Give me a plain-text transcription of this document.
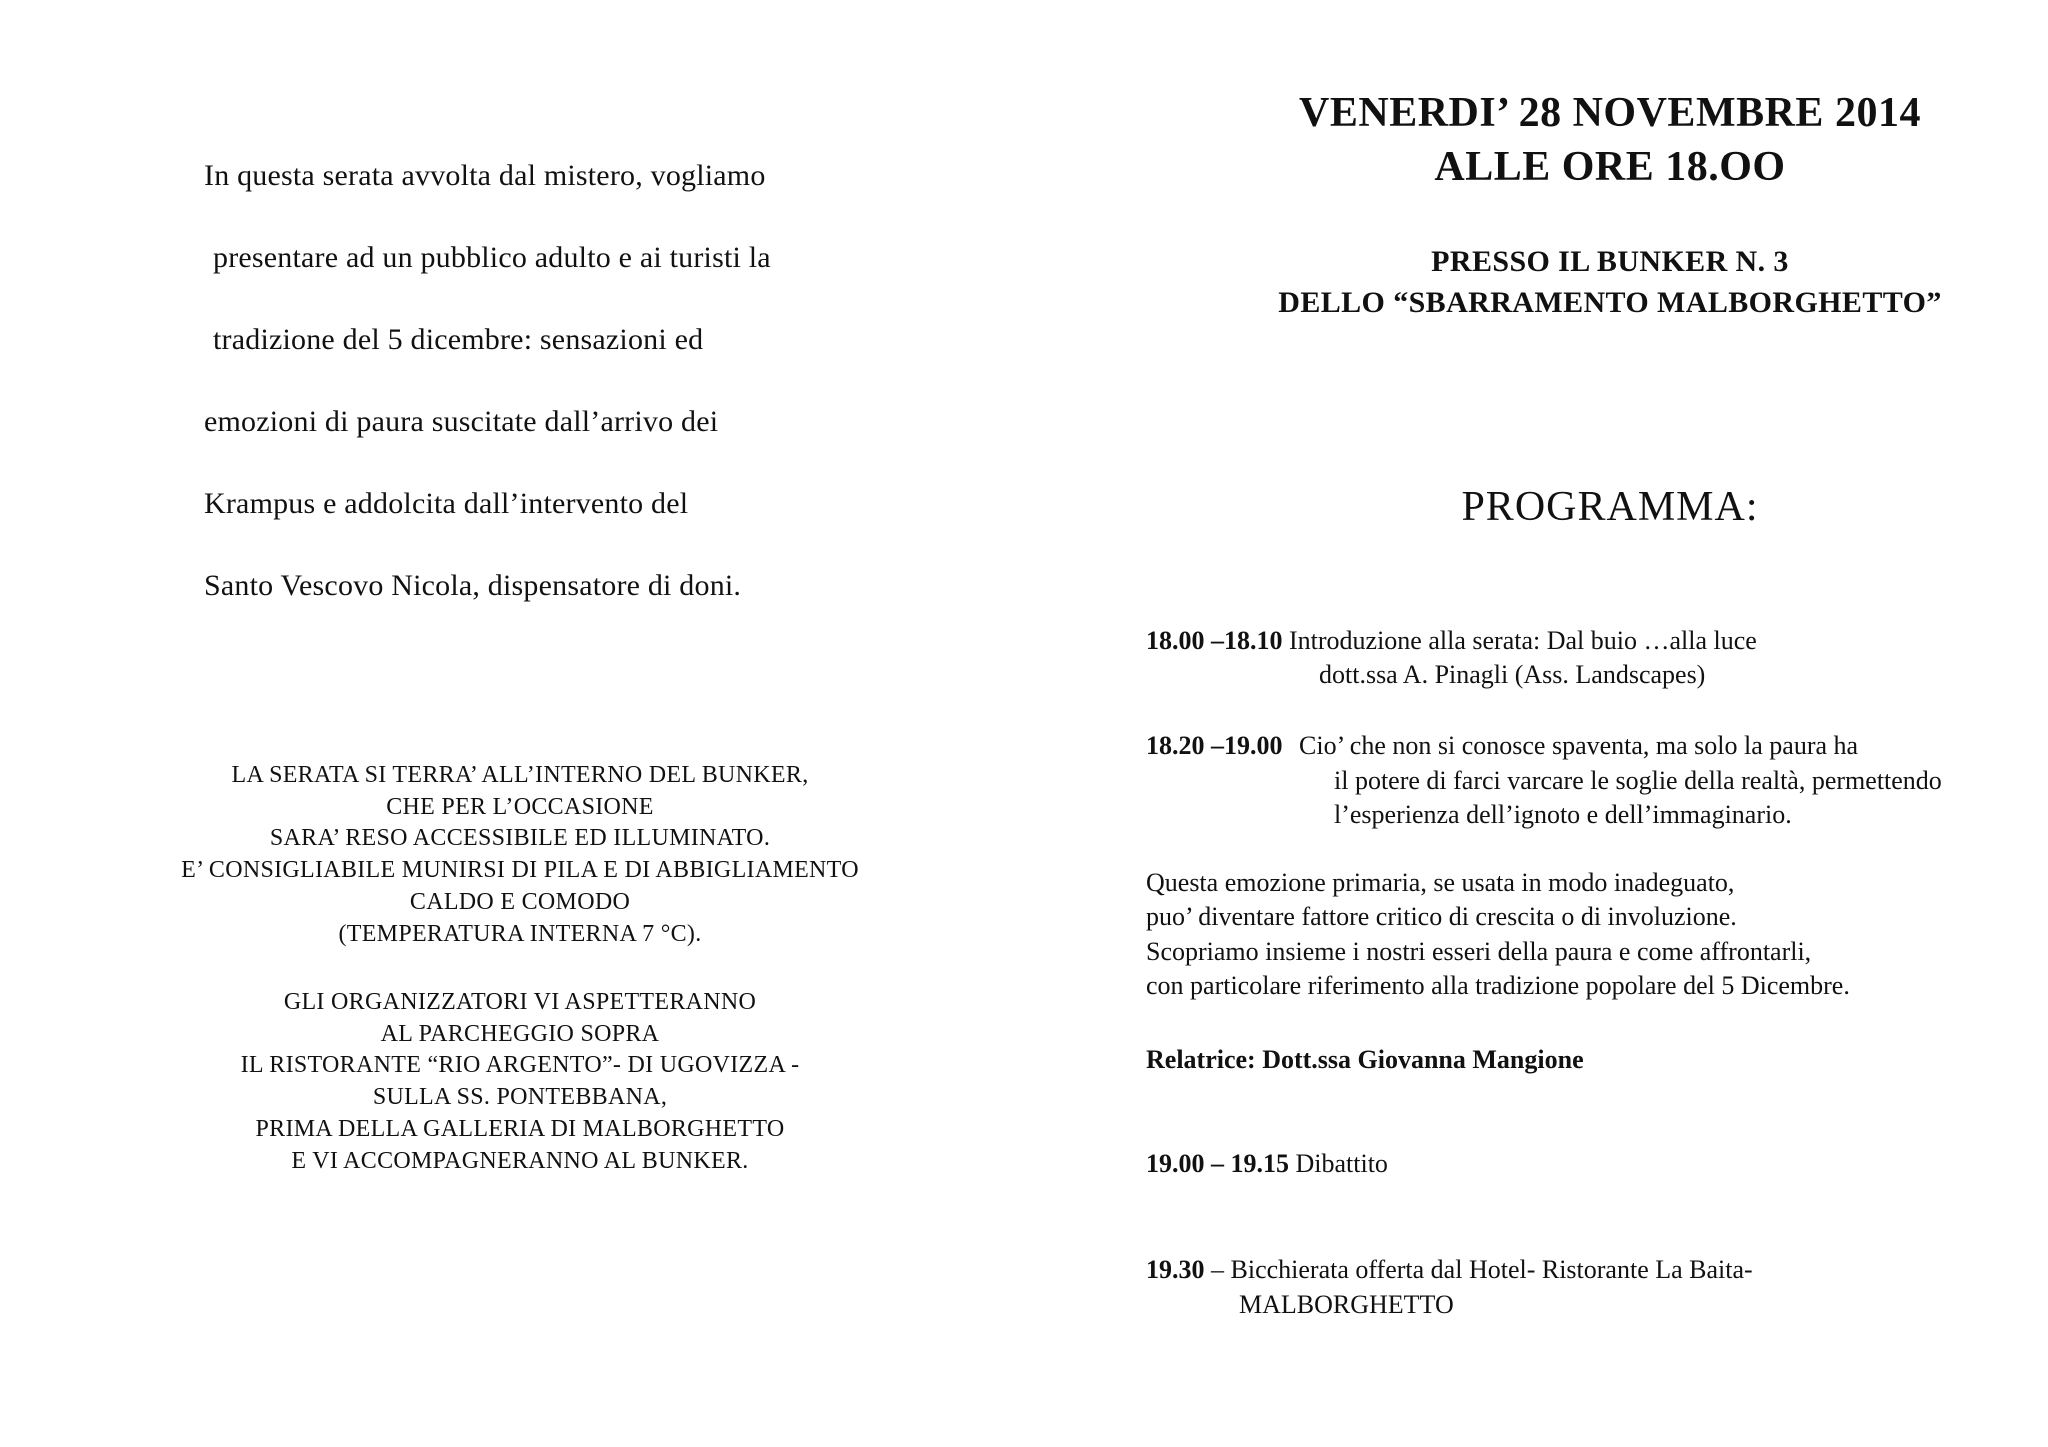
In questa serata avvolta dal mistero, vogliamo
presentare ad un pubblico adulto e ai turisti la
tradizione del 5 dicembre: sensazioni ed
emozioni di paura suscitate dall’arrivo dei
Krampus e addolcita dall’intervento del
Santo Vescovo Nicola, dispensatore di doni.
LA SERATA SI TERRA’ ALL’INTERNO DEL BUNKER,
CHE PER L’OCCASIONE
SARA’ RESO ACCESSIBILE ED ILLUMINATO.
E’ CONSIGLIABILE MUNIRSI DI PILA E DI ABBIGLIAMENTO
CALDO E COMODO
(TEMPERATURA INTERNA 7 °C).
GLI ORGANIZZATORI VI ASPETTERANNO
AL PARCHEGGIO SOPRA
IL RISTORANTE “RIO ARGENTO”- DI UGOVIZZA -
SULLA SS. PONTEBBANA,
PRIMA DELLA GALLERIA DI MALBORGHETTO
E VI ACCOMPAGNERANNO AL BUNKER.
VENERDI’ 28 NOVEMBRE 2014
ALLE ORE 18.OO
PRESSO IL BUNKER N. 3
DELLO “SBARRAMENTO MALBORGHETTO”
PROGRAMMA:
18.00 –18.10 Introduzione alla serata: Dal buio …alla luce
dott.ssa A. Pinagli (Ass. Landscapes)
18.20 –19.00 Cio’ che non si conosce spaventa, ma solo la paura ha
il potere di farci varcare le soglie della realtà, permettendo
l’esperienza dell’ignoto e dell’immaginario.
Questa emozione primaria, se usata in modo inadeguato,
puo’ diventare fattore critico di crescita o di involuzione.
Scopriamo insieme i nostri esseri della paura e come affrontarli,
con particolare riferimento alla tradizione popolare del 5 Dicembre.
Relatrice: Dott.ssa Giovanna Mangione
19.00 – 19.15 Dibattito
19.30 – Bicchierata offerta dal Hotel- Ristorante La Baita-
MALBORGHETTO
